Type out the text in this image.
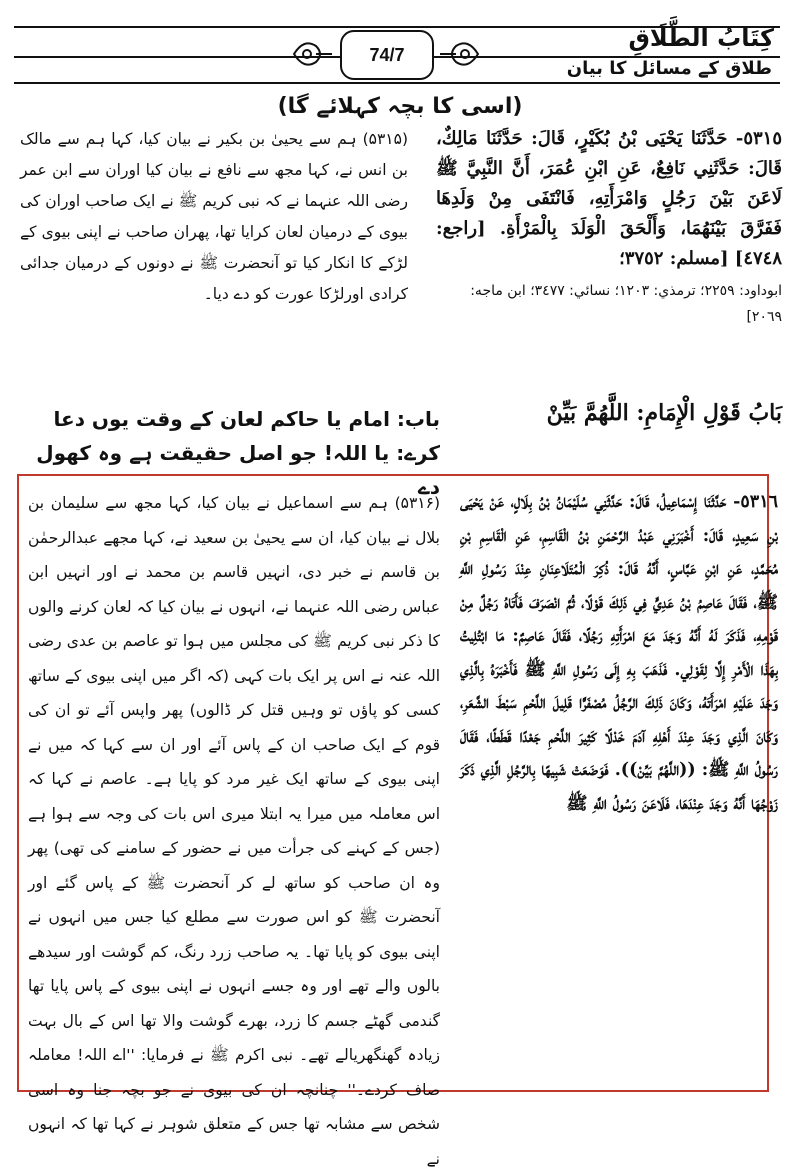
كِتَابُ الطَّلَاقِ
طلاق کے مسائل کا بیان
74/7
(اسی کا بچہ کہلائے گا)
٥٣١٥- حَدَّثَنَا يَحْيَى بْنُ بُكَيْرٍ، قَالَ: حَدَّثَنَا مَالِكٌ، قَالَ: حَدَّثَنِي نَافِعٌ، عَنِ ابْنِ عُمَرَ، أَنَّ النَّبِيَّ ﷺ لَاعَنَ بَيْنَ رَجُلٍ وَامْرَأَتِهِ، فَانْتَفَى مِنْ وَلَدِهَا فَفَرَّقَ بَيْنَهُمَا، وَأَلْحَقَ الْوَلَدَ بِالْمَرْأَةِ. [راجع: ٤٧٤٨] [مسلم: ٣٧٥٢؛
ابوداود: ٢٢٥٩؛ ترمذي: ١٢٠٣؛ نسائي: ٣٤٧٧؛ ابن ماجه: ٢٠٦٩]
(۵۳۱۵) ہم سے یحییٰ بن بکیر نے بیان کیا، کہا ہم سے مالک بن انس نے، کہا مجھ سے نافع نے بیان کیا اوران سے ابن عمر رضی اللہ عنہما نے کہ نبی کریم ﷺ نے ایک صاحب اوران کی بیوی کے درمیان لعان کرایا تھا، پھران صاحب نے اپنی بیوی کے لڑکے کا انکار کیا تو آنحضرت ﷺ نے دونوں کے درمیان جدائی کرادی اورلڑکا عورت کو دے دیا۔
بَابُ قَوْلِ الْإِمَامِ: اللَّهُمَّ بَيِّنْ
باب: امام یا حاکم لعان کے وقت یوں دعا کرے: یا اللہ! جو اصل حقیقت ہے وہ کھول دے
٥٣١٦- حَدَّثَنَا إِسْمَاعِيلُ، قَالَ: حَدَّثَنِي سُلَيْمَانُ بْنُ بِلَالٍ، عَنْ يَحْيَى بْنِ سَعِيدٍ، قَالَ: أَخْبَرَنِي عَبْدُ الرَّحْمَنِ بْنُ الْقَاسِمِ، عَنِ الْقَاسِمِ بْنِ مُحَمَّدٍ، عَنِ ابْنِ عَبَّاسٍ، أَنَّهُ قَالَ: ذُكِرَ الْمُتَلَاعِنَانِ عِنْدَ رَسُولِ اللَّهِ ﷺ، فَقَالَ عَاصِمُ بْنُ عَدِيٍّ فِي ذَلِكَ قَوْلًا، ثُمَّ انْصَرَفَ فَأَتَاهُ رَجُلٌ مِنْ قَوْمِهِ، فَذَكَرَ لَهُ أَنَّهُ وَجَدَ مَعَ امْرَأَتِهِ رَجُلًا، فَقَالَ عَاصِمٌ: مَا ابْتُلِيتُ بِهَذَا الْأَمْرِ إِلَّا لِقَوْلِي. فَذَهَبَ بِهِ إِلَى رَسُولِ اللَّهِ ﷺ فَأَخْبَرَهُ بِالَّذِي وَجَدَ عَلَيْهِ امْرَأَتَهُ، وَكَانَ ذَلِكَ الرَّجُلُ مُصْفَرًّا قَلِيلَ اللَّحْمِ سَبْطَ الشَّعَرِ، وَكَانَ الَّذِي وَجَدَ عِنْدَ أَهْلِهِ آدَمَ خَدْلًا كَثِيرَ اللَّحْمِ جَعْدًا قَطَطًا، فَقَالَ رَسُولُ اللَّهِ ﷺ: ((اللَّهُمَّ بَيِّنْ)). فَوَضَعَتْ شَبِيهًا بِالرَّجُلِ الَّذِي ذَكَرَ زَوْجُهَا أَنَّهُ وَجَدَ عِنْدَهَا، فَلَاعَنَ رَسُولُ اللَّهِ ﷺ
(۵۳۱۶) ہم سے اسماعیل نے بیان کیا، کہا مجھ سے سلیمان بن بلال نے بیان کیا، ان سے یحییٰ بن سعید نے، کہا مجھے عبدالرحمٰن بن قاسم نے خبر دی، انہیں قاسم بن محمد نے اور انہیں ابن عباس رضی اللہ عنہما نے، انہوں نے بیان کیا کہ لعان کرنے والوں کا ذکر نبی کریم ﷺ کی مجلس میں ہوا تو عاصم بن عدی رضی اللہ عنہ نے اس پر ایک بات کہی (کہ اگر میں اپنی بیوی کے ساتھ کسی کو پاؤں تو وہیں قتل کر ڈالوں) پھر واپس آئے تو ان کی قوم کے ایک صاحب ان کے پاس آئے اور ان سے کہا کہ میں نے اپنی بیوی کے ساتھ ایک غیر مرد کو پایا ہے۔ عاصم نے کہا کہ اس معاملہ میں میرا یہ ابتلا میری اس بات کی وجہ سے ہوا ہے (جس کے کہنے کی جرأت میں نے حضور کے سامنے کی تھی) پھر وہ ان صاحب کو ساتھ لے کر آنحضرت ﷺ کے پاس گئے اور آنحضرت ﷺ کو اس صورت سے مطلع کیا جس میں انہوں نے اپنی بیوی کو پایا تھا۔ یہ صاحب زرد رنگ، کم گوشت اور سیدھے بالوں والے تھے اور وہ جسے انہوں نے اپنی بیوی کے پاس پایا تھا گندمی گھٹے جسم کا زرد، بھرے گوشت والا تھا اس کے بال بہت زیادہ گھنگھریالے تھے۔ نبی اکرم ﷺ نے فرمایا: ''اے اللہ! معاملہ صاف کردے۔'' چنانچہ ان کی بیوی نے جو بچہ جنا وہ اسی شخص سے مشابہ تھا جس کے متعلق شوہر نے کہا تھا کہ انہوں نے
